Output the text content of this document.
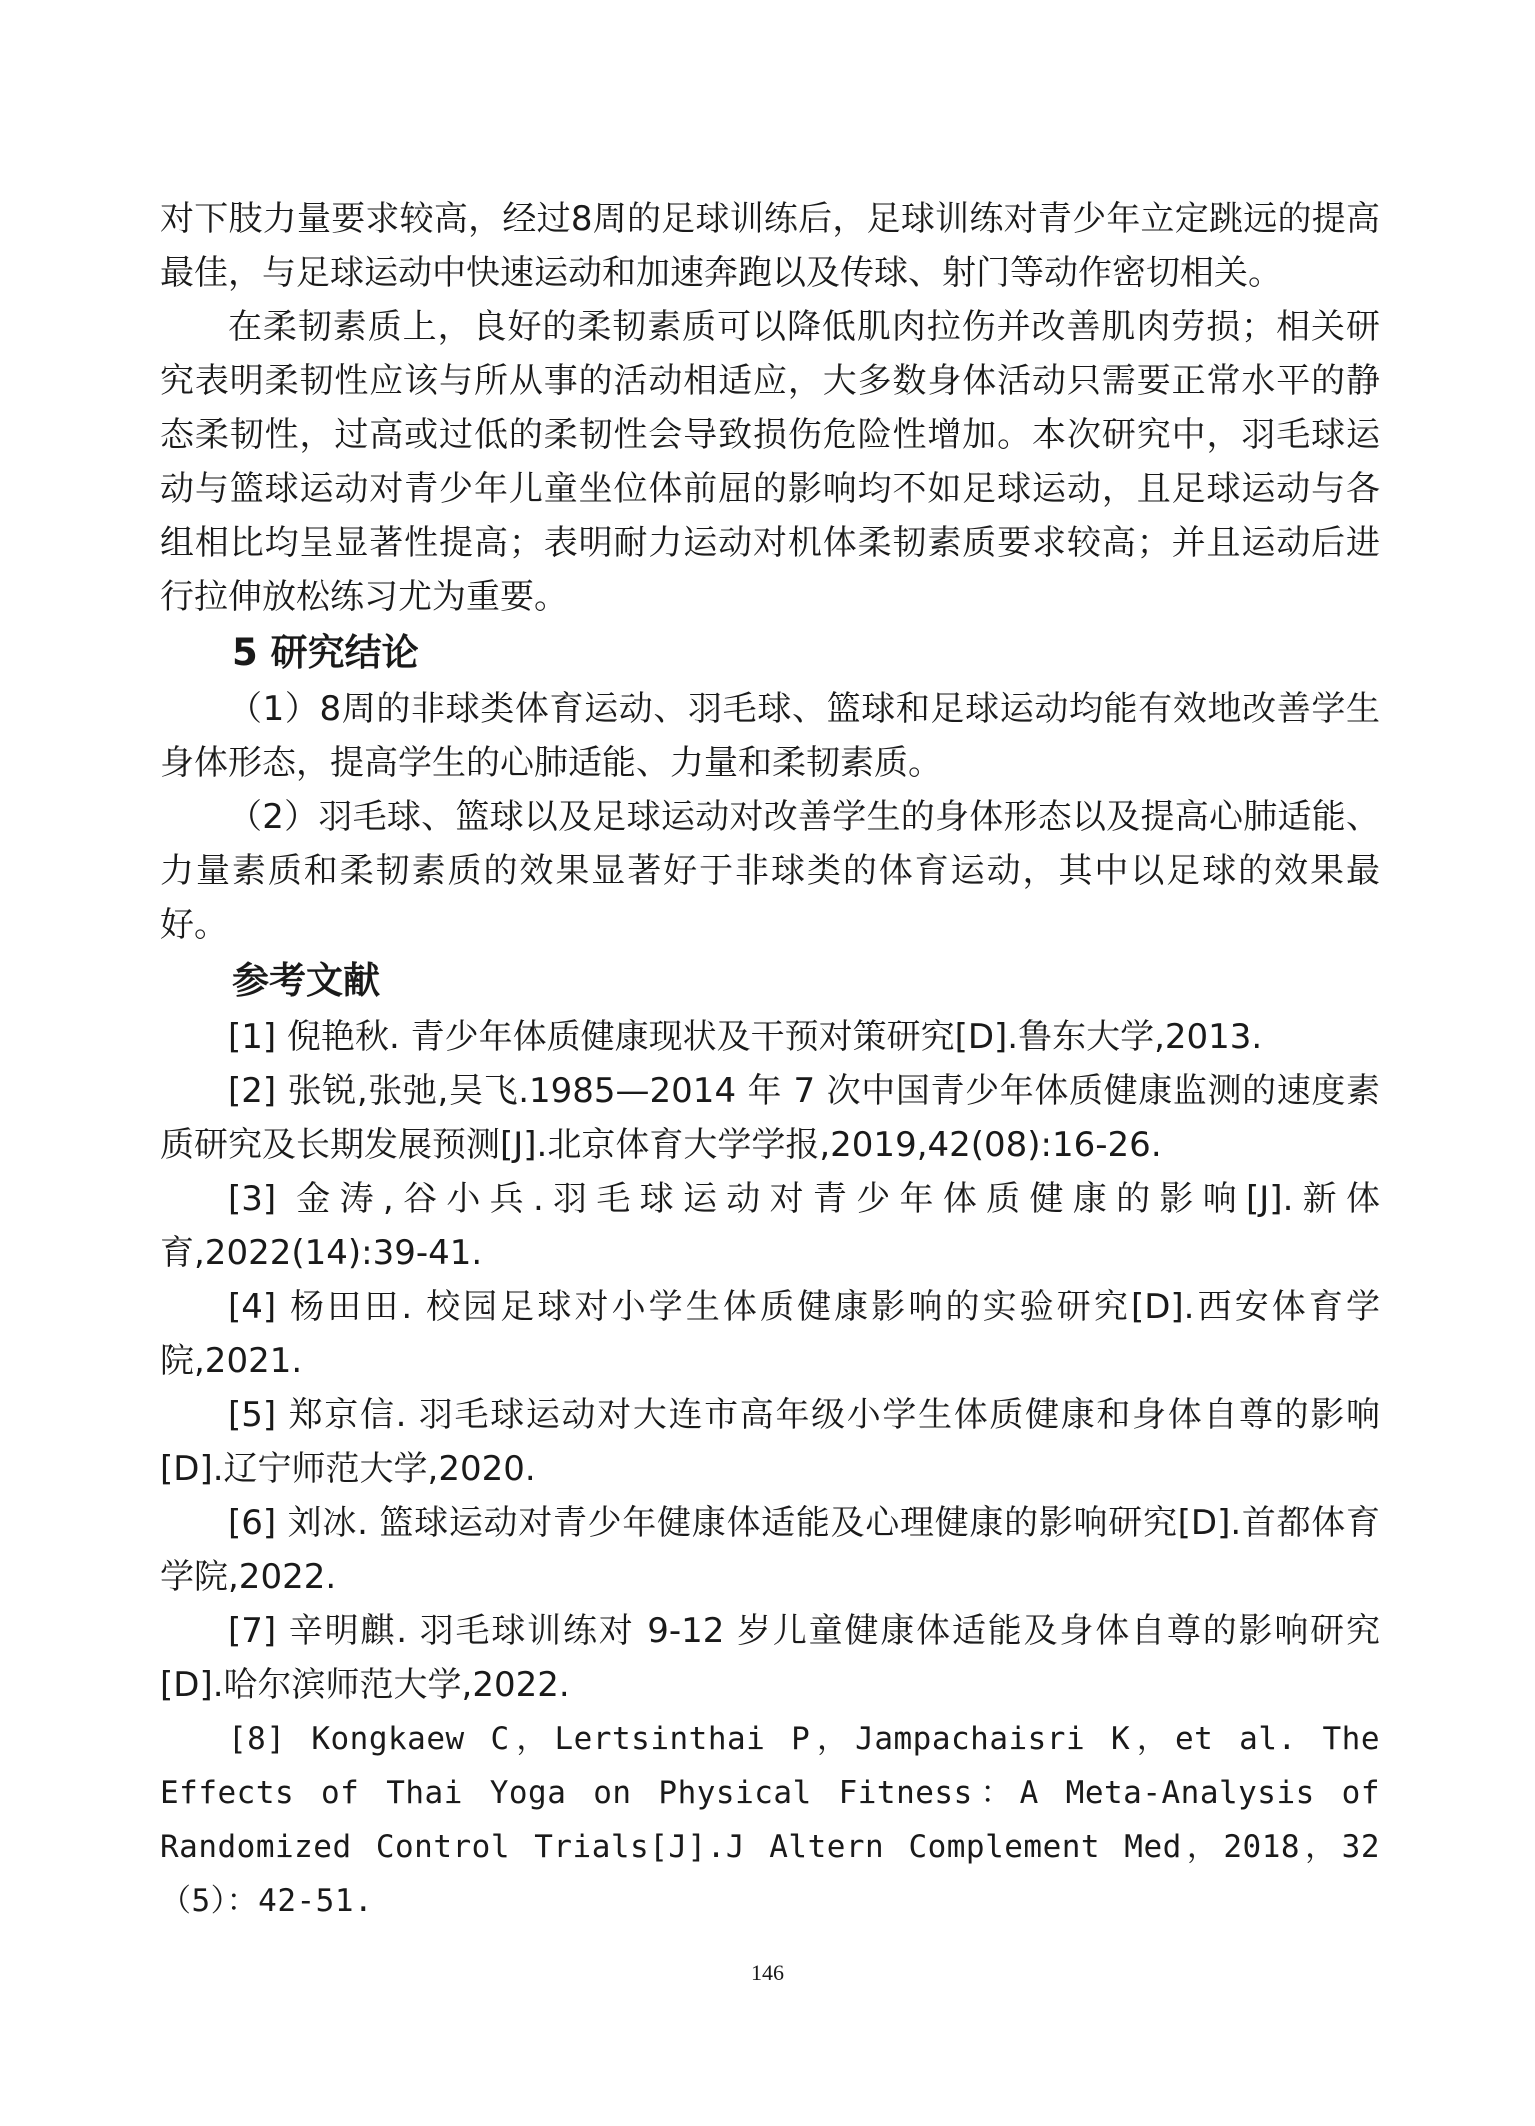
对下肢力量要求较高，经过8周的足球训练后，足球训练对青少年立定跳远的提高最佳，与足球运动中快速运动和加速奔跑以及传球、射门等动作密切相关。

在柔韧素质上，良好的柔韧素质可以降低肌肉拉伤并改善肌肉劳损；相关研究表明柔韧性应该与所从事的活动相适应，大多数身体活动只需要正常水平的静态柔韧性，过高或过低的柔韧性会导致损伤危险性增加。本次研究中，羽毛球运动与篮球运动对青少年儿童坐位体前屈的影响均不如足球运动，且足球运动与各组相比均呈显著性提高；表明耐力运动对机体柔韧素质要求较高；并且运动后进行拉伸放松练习尤为重要。

5 研究结论

（1）8周的非球类体育运动、羽毛球、篮球和足球运动均能有效地改善学生身体形态，提高学生的心肺适能、力量和柔韧素质。

（2）羽毛球、篮球以及足球运动对改善学生的身体形态以及提高心肺适能、力量素质和柔韧素质的效果显著好于非球类的体育运动，其中以足球的效果最好。

参考文献

[1] 倪艳秋. 青少年体质健康现状及干预对策研究[D].鲁东大学,2013.

[2] 张锐,张弛,吴飞.1985—2014 年 7 次中国青少年体质健康监测的速度素质研究及长期发展预测[J].北京体育大学学报,2019,42(08):16-26.

[3] 金涛,谷小兵.羽毛球运动对青少年体质健康的影响[J].新体育,2022(14):39-41.

[4] 杨田田. 校园足球对小学生体质健康影响的实验研究[D].西安体育学院,2021.

[5] 郑京信. 羽毛球运动对大连市高年级小学生体质健康和身体自尊的影响[D].辽宁师范大学,2020.

[6] 刘冰. 篮球运动对青少年健康体适能及心理健康的影响研究[D].首都体育学院,2022.

[7] 辛明麒. 羽毛球训练对 9-12 岁儿童健康体适能及身体自尊的影响研究[D].哈尔滨师范大学,2022.

[8] Kongkaew C，Lertsinthai P，Jampachaisri K，et al. The Effects of Thai Yoga on Physical Fitness：A Meta-Analysis of Randomized Control Trials[J].J Altern Complement Med，2018，32（5）：42-51.

146
